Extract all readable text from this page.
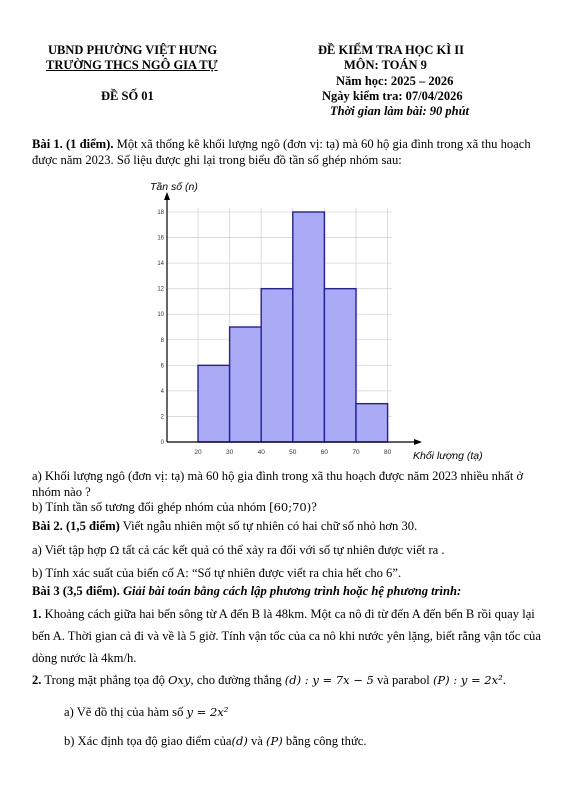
UBND PHƯỜNG VIỆT HƯNG
TRƯỜNG THCS NGÔ GIA TỰ
ĐỀ SỐ 01
ĐỀ KIỂM TRA HỌC KÌ II
MÔN: TOÁN 9
Năm học: 2025 – 2026
Ngày kiểm tra: 07/04/2026
Thời gian làm bài: 90 phút
Bài 1. (1 điểm). Một xã thống kê khối lượng ngô (đơn vị: tạ) mà 60 hộ gia đình trong xã thu hoạch
được năm 2023. Số liệu được ghi lại trong biểu đồ tần số ghép nhóm sau:
0
2
4
6
8
10
12
14
16
18
20	30	40	50	60	70	80
Tần số (n)
Khối lượng (tạ)
a) Khối lượng ngô (đơn vị: tạ) mà 60 hộ gia đình trong xã thu hoạch được năm 2023 nhiều nhất ở
nhóm nào ?
b) Tính tần số tương đối ghép nhóm của nhóm [60;70)?
Bài 2. (1,5 điểm) Viết ngẫu nhiên một số tự nhiên có hai chữ số nhỏ hơn 30.
a) Viết tập hợp Ω tất cả các kết quả có thể xảy ra đối với số tự nhiên được viết ra .
b) Tính xác suất của biến cố A: “Số tự nhiên được viết ra chia hết cho 6”.
Bài 3 (3,5 điểm). Giải bài toán bằng cách lập phương trình hoặc hệ phương trình:
1. Khoảng cách giữa hai bến sông từ A đến B là 48km. Một ca nô đi từ đến A đến bến B rồi quay lại
bến A. Thời gian cả đi và về là 5 giờ. Tính vận tốc của ca nô khi nước yên lặng, biết rằng vận tốc của
dòng nước là 4km/h.
2. Trong mặt phẳng tọa độ Oxy, cho đường thẳng (d) : y = 7x − 5 và parabol (P) : y = 2x².
a) Vẽ đồ thị của hàm số y = 2x²
b) Xác định tọa độ giao điểm của(d) và (P) bằng công thức.
